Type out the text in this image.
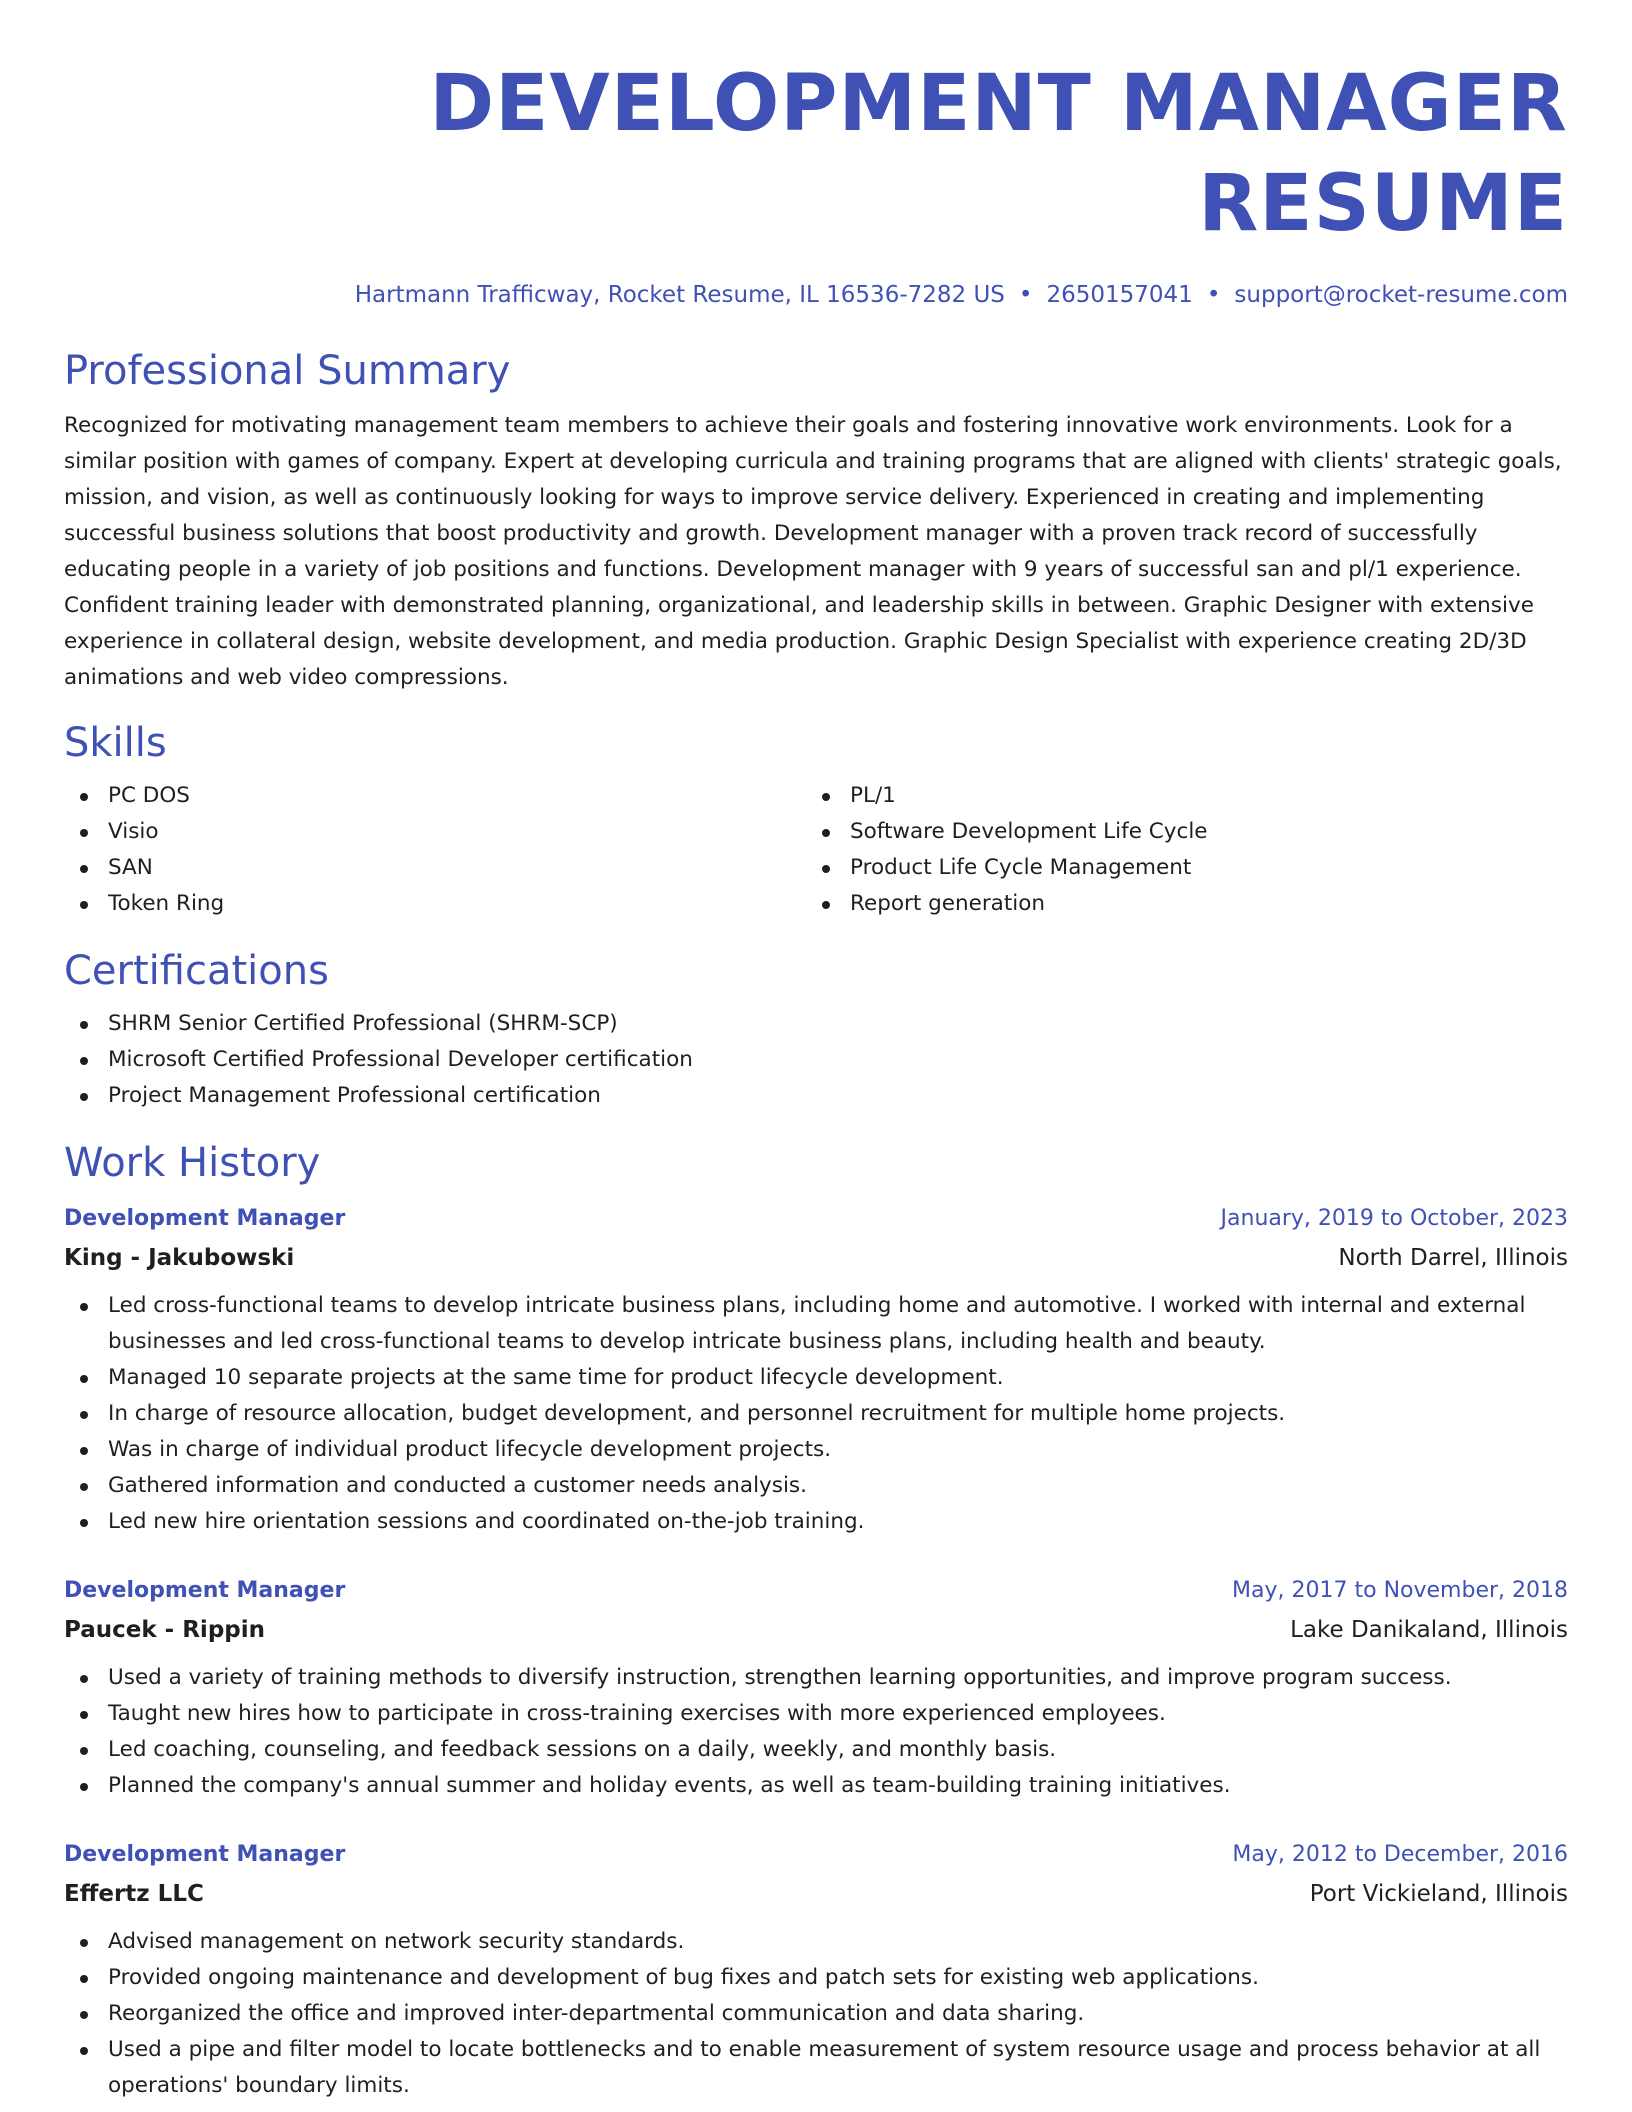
DEVELOPMENT MANAGER RESUME
Hartmann Trafficway, Rocket Resume, IL 16536-7282 US • 2650157041 • support@rocket-resume.com
Professional Summary

Recognized for motivating management team members to achieve their goals and fostering innovative work environments. Look for a similar position with games of company. Expert at developing curricula and training programs that are aligned with clients' strategic goals, mission, and vision, as well as continuously looking for ways to improve service delivery. Experienced in creating and implementing successful business solutions that boost productivity and growth. Development manager with a proven track record of successfully educating people in a variety of job positions and functions. Development manager with 9 years of successful san and pl/1 experience. Confident training leader with demonstrated planning, organizational, and leadership skills in between. Graphic Designer with extensive experience in collateral design, website development, and media production. Graphic Design Specialist with experience creating 2D/3D animations and web video compressions.

Skills
PC DOS
Visio
SAN
Token Ring
PL/1
Software Development Life Cycle
Product Life Cycle Management
Report generation
Certifications
SHRM Senior Certified Professional (SHRM-SCP)
Microsoft Certified Professional Developer certification
Project Management Professional certification
Work History
Development Manager	January, 2019 to October, 2023
King - Jakubowski	North Darrel, Illinois
Led cross-functional teams to develop intricate business plans, including home and automotive. I worked with internal and external businesses and led cross-functional teams to develop intricate business plans, including health and beauty.
Managed 10 separate projects at the same time for product lifecycle development.
In charge of resource allocation, budget development, and personnel recruitment for multiple home projects.
Was in charge of individual product lifecycle development projects.
Gathered information and conducted a customer needs analysis.
Led new hire orientation sessions and coordinated on-the-job training.
Development Manager	May, 2017 to November, 2018
Paucek - Rippin	Lake Danikaland, Illinois
Used a variety of training methods to diversify instruction, strengthen learning opportunities, and improve program success.
Taught new hires how to participate in cross-training exercises with more experienced employees.
Led coaching, counseling, and feedback sessions on a daily, weekly, and monthly basis.
Planned the company's annual summer and holiday events, as well as team-building training initiatives.
Development Manager	May, 2012 to December, 2016
Effertz LLC	Port Vickieland, Illinois
Advised management on network security standards.
Provided ongoing maintenance and development of bug fixes and patch sets for existing web applications.
Reorganized the office and improved inter-departmental communication and data sharing.
Used a pipe and filter model to locate bottlenecks and to enable measurement of system resource usage and process behavior at all operations' boundary limits.
